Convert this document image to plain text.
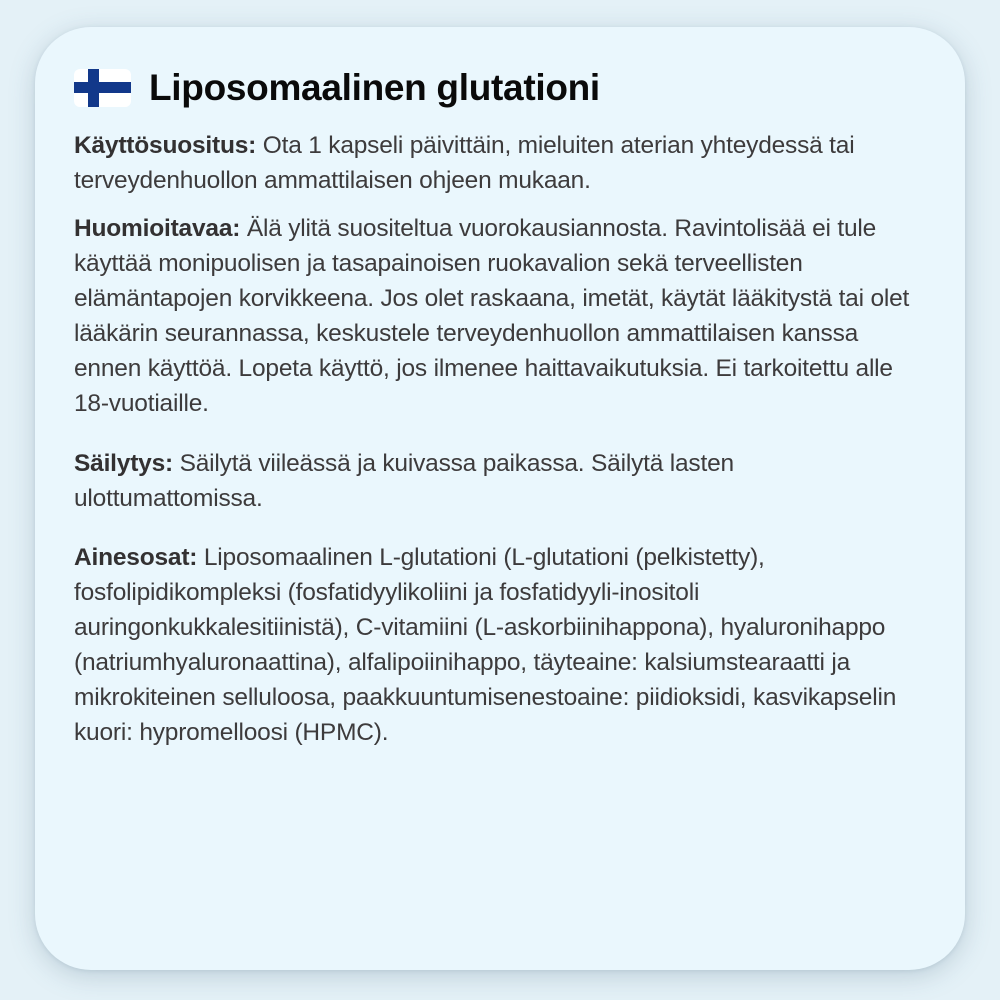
Liposomaalinen glutationi

Käyttösuositus: Ota 1 kapseli päivittäin, mieluiten aterian yhteydessä tai terveydenhuollon ammattilaisen ohjeen mukaan.

Huomioitavaa: Älä ylitä suositeltua vuorokausiannosta. Ravintolisää ei tule käyttää monipuolisen ja tasapainoisen ruokavalion sekä terveellisten elämäntapojen korvikkeena. Jos olet raskaana, imetät, käytät lääkitystä tai olet lääkärin seurannassa, keskustele terveydenhuollon ammattilaisen kanssa ennen käyttöä. Lopeta käyttö, jos ilmenee haittavaikutuksia. Ei tarkoitettu alle 18-vuotiaille.

Säilytys: Säilytä viileässä ja kuivassa paikassa. Säilytä lasten ulottumattomissa.

Ainesosat: Liposomaalinen L-glutationi (L-glutationi (pelkistetty), fosfolipidikompleksi (fosfatidyylikoliini ja fosfatidyyli-inositoli auringonkukkalesitiinistä), C-vitamiini (L-askorbiinihappona), hyaluronihappo (natriumhyaluronaattina), alfalipoiinihappo, täyteaine: kalsiumstearaatti ja mikrokiteinen selluloosa, paakkuuntumisenestoaine: piidioksidi, kasvikapselin kuori: hypromelloosi (HPMC).
